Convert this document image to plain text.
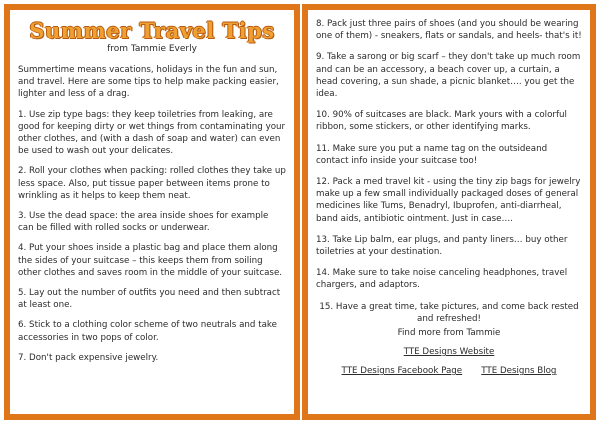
Summer Travel Tips
from Tammie Everly

Summertime means vacations, holidays in the fun and sun, and travel. Here are some tips to help make packing easier, lighter and less of a drag.

1. Use zip type bags: they keep toiletries from leaking, are good for keeping dirty or wet things from contaminating your other clothes, and (with a dash of soap and water) can even be used to wash out your delicates.

2. Roll your clothes when packing: rolled clothes they take up less space. Also, put tissue paper between items prone to wrinkling as it helps to keep them neat.

3. Use the dead space: the area inside shoes for example can be filled with rolled socks or underwear.

4. Put your shoes inside a plastic bag and place them along the sides of your suitcase – this keeps them from soiling other clothes and saves room in the middle of your suitcase.

5. Lay out the number of outfits you need and then subtract at least one.

6. Stick to a clothing color scheme of two neutrals and take accessories in two pops of color.

7. Don't pack expensive jewelry.

8. Pack just three pairs of shoes (and you should be wearing one of them) - sneakers, flats or sandals, and heels- that's it!

9. Take a sarong or big scarf – they don't take up much room and can be an accessory, a beach cover up, a curtain, a head covering, a sun shade, a picnic blanket…. you get the idea.

10. 90% of suitcases are black. Mark yours with a colorful ribbon, some stickers, or other identifying marks.

11. Make sure you put a name tag on the outsideand contact info inside your suitcase too!

12. Pack a med travel kit - using the tiny zip bags for jewelry make up a few small individually packaged doses of general medicines like Tums, Benadryl, Ibuprofen, anti-diarrheal, band aids, antibiotic ointment. Just in case….

13. Take Lip balm, ear plugs, and panty liners… buy other toiletries at your destination.

14. Make sure to take noise canceling headphones, travel chargers, and adaptors.

15. Have a great time, take pictures, and come back rested and refreshed!

Find more from Tammie
TTE Designs Website
TTE Designs Facebook Page TTE Designs Blog
